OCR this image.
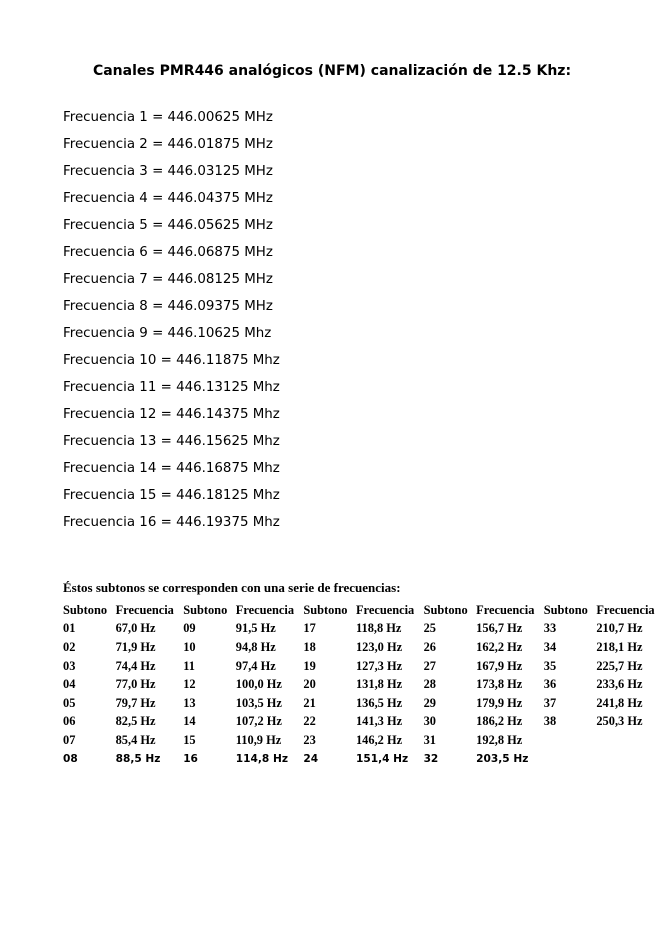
Canales PMR446 analógicos (NFM) canalización de 12.5 Khz:
Frecuencia 1 = 446.00625 MHz
Frecuencia 2 = 446.01875 MHz
Frecuencia 3 = 446.03125 MHz
Frecuencia 4 = 446.04375 MHz
Frecuencia 5 = 446.05625 MHz
Frecuencia 6 = 446.06875 MHz
Frecuencia 7 = 446.08125 MHz
Frecuencia 8 = 446.09375 MHz
Frecuencia 9 = 446.10625 Mhz
Frecuencia 10 = 446.11875 Mhz
Frecuencia 11 = 446.13125 Mhz
Frecuencia 12 = 446.14375 Mhz
Frecuencia 13 = 446.15625 Mhz
Frecuencia 14 = 446.16875 Mhz
Frecuencia 15 = 446.18125 Mhz
Frecuencia 16 = 446.19375 Mhz

Éstos subtonos se corresponden con una serie de frecuencias:

Subtono	Frecuencia	Subtono	Frecuencia	Subtono	Frecuencia	Subtono	Frecuencia	Subtono	Frecuencia
01	67,0 Hz	09	91,5 Hz	17	118,8 Hz	25	156,7 Hz	33	210,7 Hz
02	71,9 Hz	10	94,8 Hz	18	123,0 Hz	26	162,2 Hz	34	218,1 Hz
03	74,4 Hz	11	97,4 Hz	19	127,3 Hz	27	167,9 Hz	35	225,7 Hz
04	77,0 Hz	12	100,0 Hz	20	131,8 Hz	28	173,8 Hz	36	233,6 Hz
05	79,7 Hz	13	103,5 Hz	21	136,5 Hz	29	179,9 Hz	37	241,8 Hz
06	82,5 Hz	14	107,2 Hz	22	141,3 Hz	30	186,2 Hz	38	250,3 Hz
07	85,4 Hz	15	110,9 Hz	23	146,2 Hz	31	192,8 Hz		
08	88,5 Hz	16	114,8 Hz	24	151,4 Hz	32	203,5 Hz		
